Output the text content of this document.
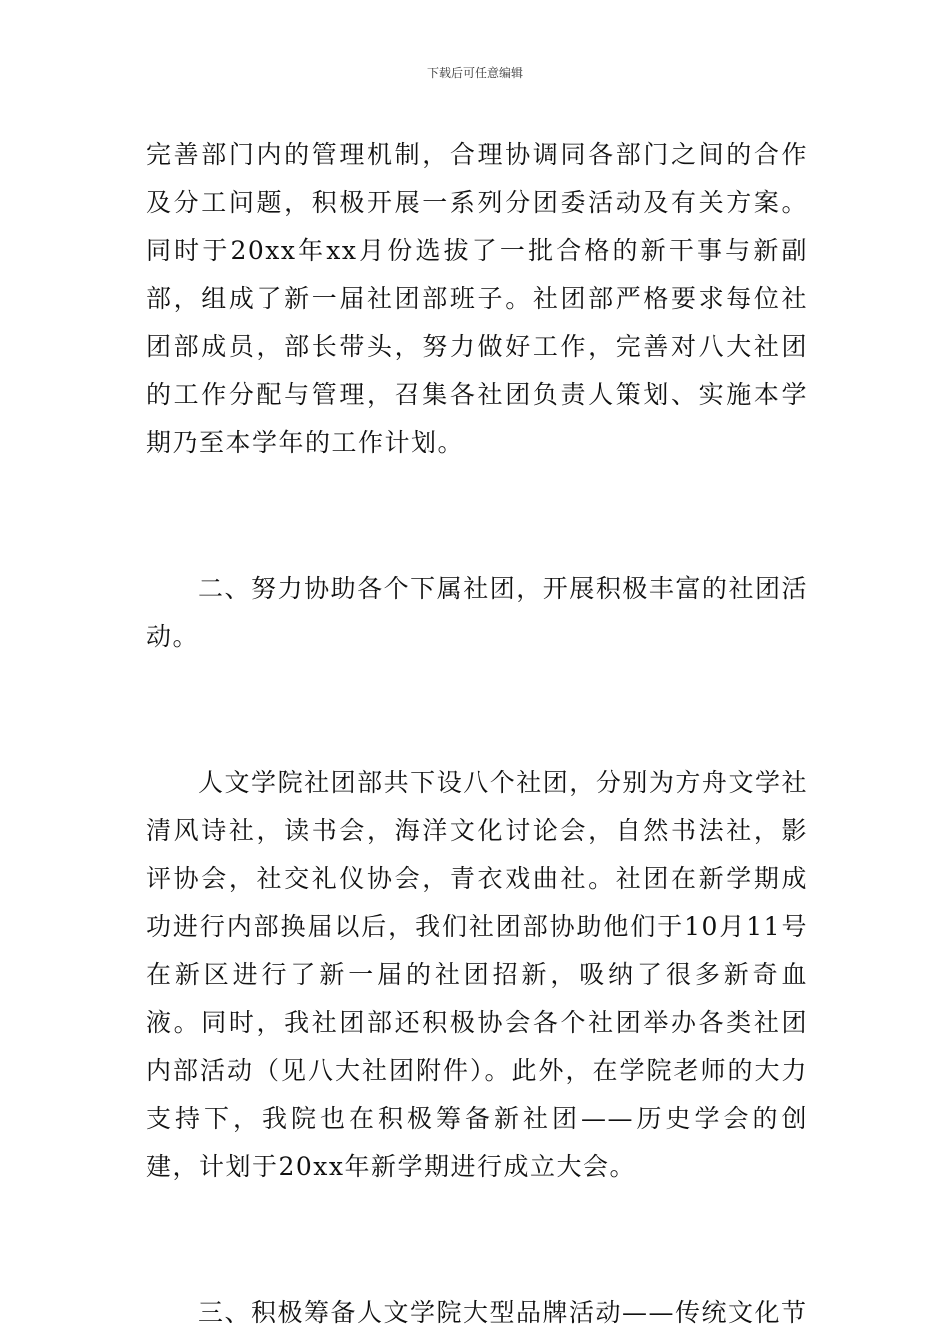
下载后可任意编辑

完善部门内的管理机制，合理协调同各部门之间的合作及分工问题，积极开展一系列分团委活动及有关方案。同时于20xx年xx月份选拔了一批合格的新干事与新副部，组成了新一届社团部班子。社团部严格要求每位社团部成员，部长带头，努力做好工作，完善对八大社团的工作分配与管理，召集各社团负责人策划、实施本学期乃至本学年的工作计划。

二、努力协助各个下属社团，开展积极丰富的社团活动。

人文学院社团部共下设八个社团，分别为方舟文学社清风诗社，读书会，海洋文化讨论会，自然书法社，影评协会，社交礼仪协会，青衣戏曲社。社团在新学期成功进行内部换届以后，我们社团部协助他们于10月11号在新区进行了新一届的社团招新，吸纳了很多新奇血液。同时，我社团部还积极协会各个社团举办各类社团内部活动（见八大社团附件）。此外，在学院老师的大力支持下，我院也在积极筹备新社团——历史学会的创建，计划于20xx年新学期进行成立大会。

三、积极筹备人文学院大型品牌活动——传统文化节
